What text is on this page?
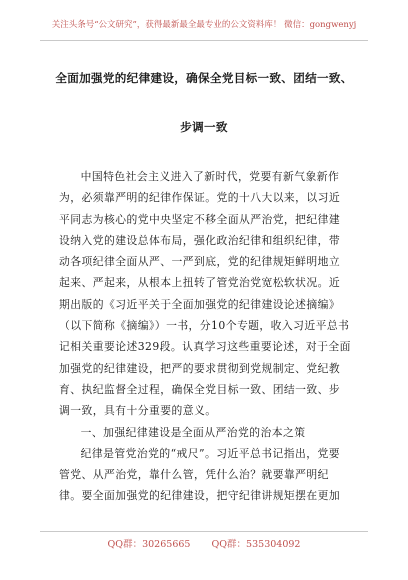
关注头条号“公文研究”，获得最新最全最专业的公文资料库！ 微信：gongwenyj
全面加强党的纪律建设，确保全党目标一致、团结一致、
步调一致

中国特色社会主义进入了新时代，党要有新气象新作为，必须靠严明的纪律作保证。党的十八大以来，以习近平同志为核心的党中央坚定不移全面从严治党，把纪律建设纳入党的建设总体布局，强化政治纪律和组织纪律，带动各项纪律全面从严、一严到底，党的纪律规矩鲜明地立起来、严起来，从根本上扭转了管党治党宽松软状况。近期出版的《习近平关于全面加强党的纪律建设论述摘编》（以下简称《摘编》）一书，分10个专题，收入习近平总书记相关重要论述329段。认真学习这些重要论述，对于全面加强党的纪律建设，把严的要求贯彻到党规制定、党纪教育、执纪监督全过程，确保全党目标一致、团结一致、步调一致，具有十分重要的意义。

一、加强纪律建设是全面从严治党的治本之策

纪律是管党治党的“戒尺”。习近平总书记指出，党要管党、从严治党，靠什么管，凭什么治？就要靠严明纪律。要全面加强党的纪律建设，把守纪律讲规矩摆在更加

QQ群：30265665 QQ群：535304092
